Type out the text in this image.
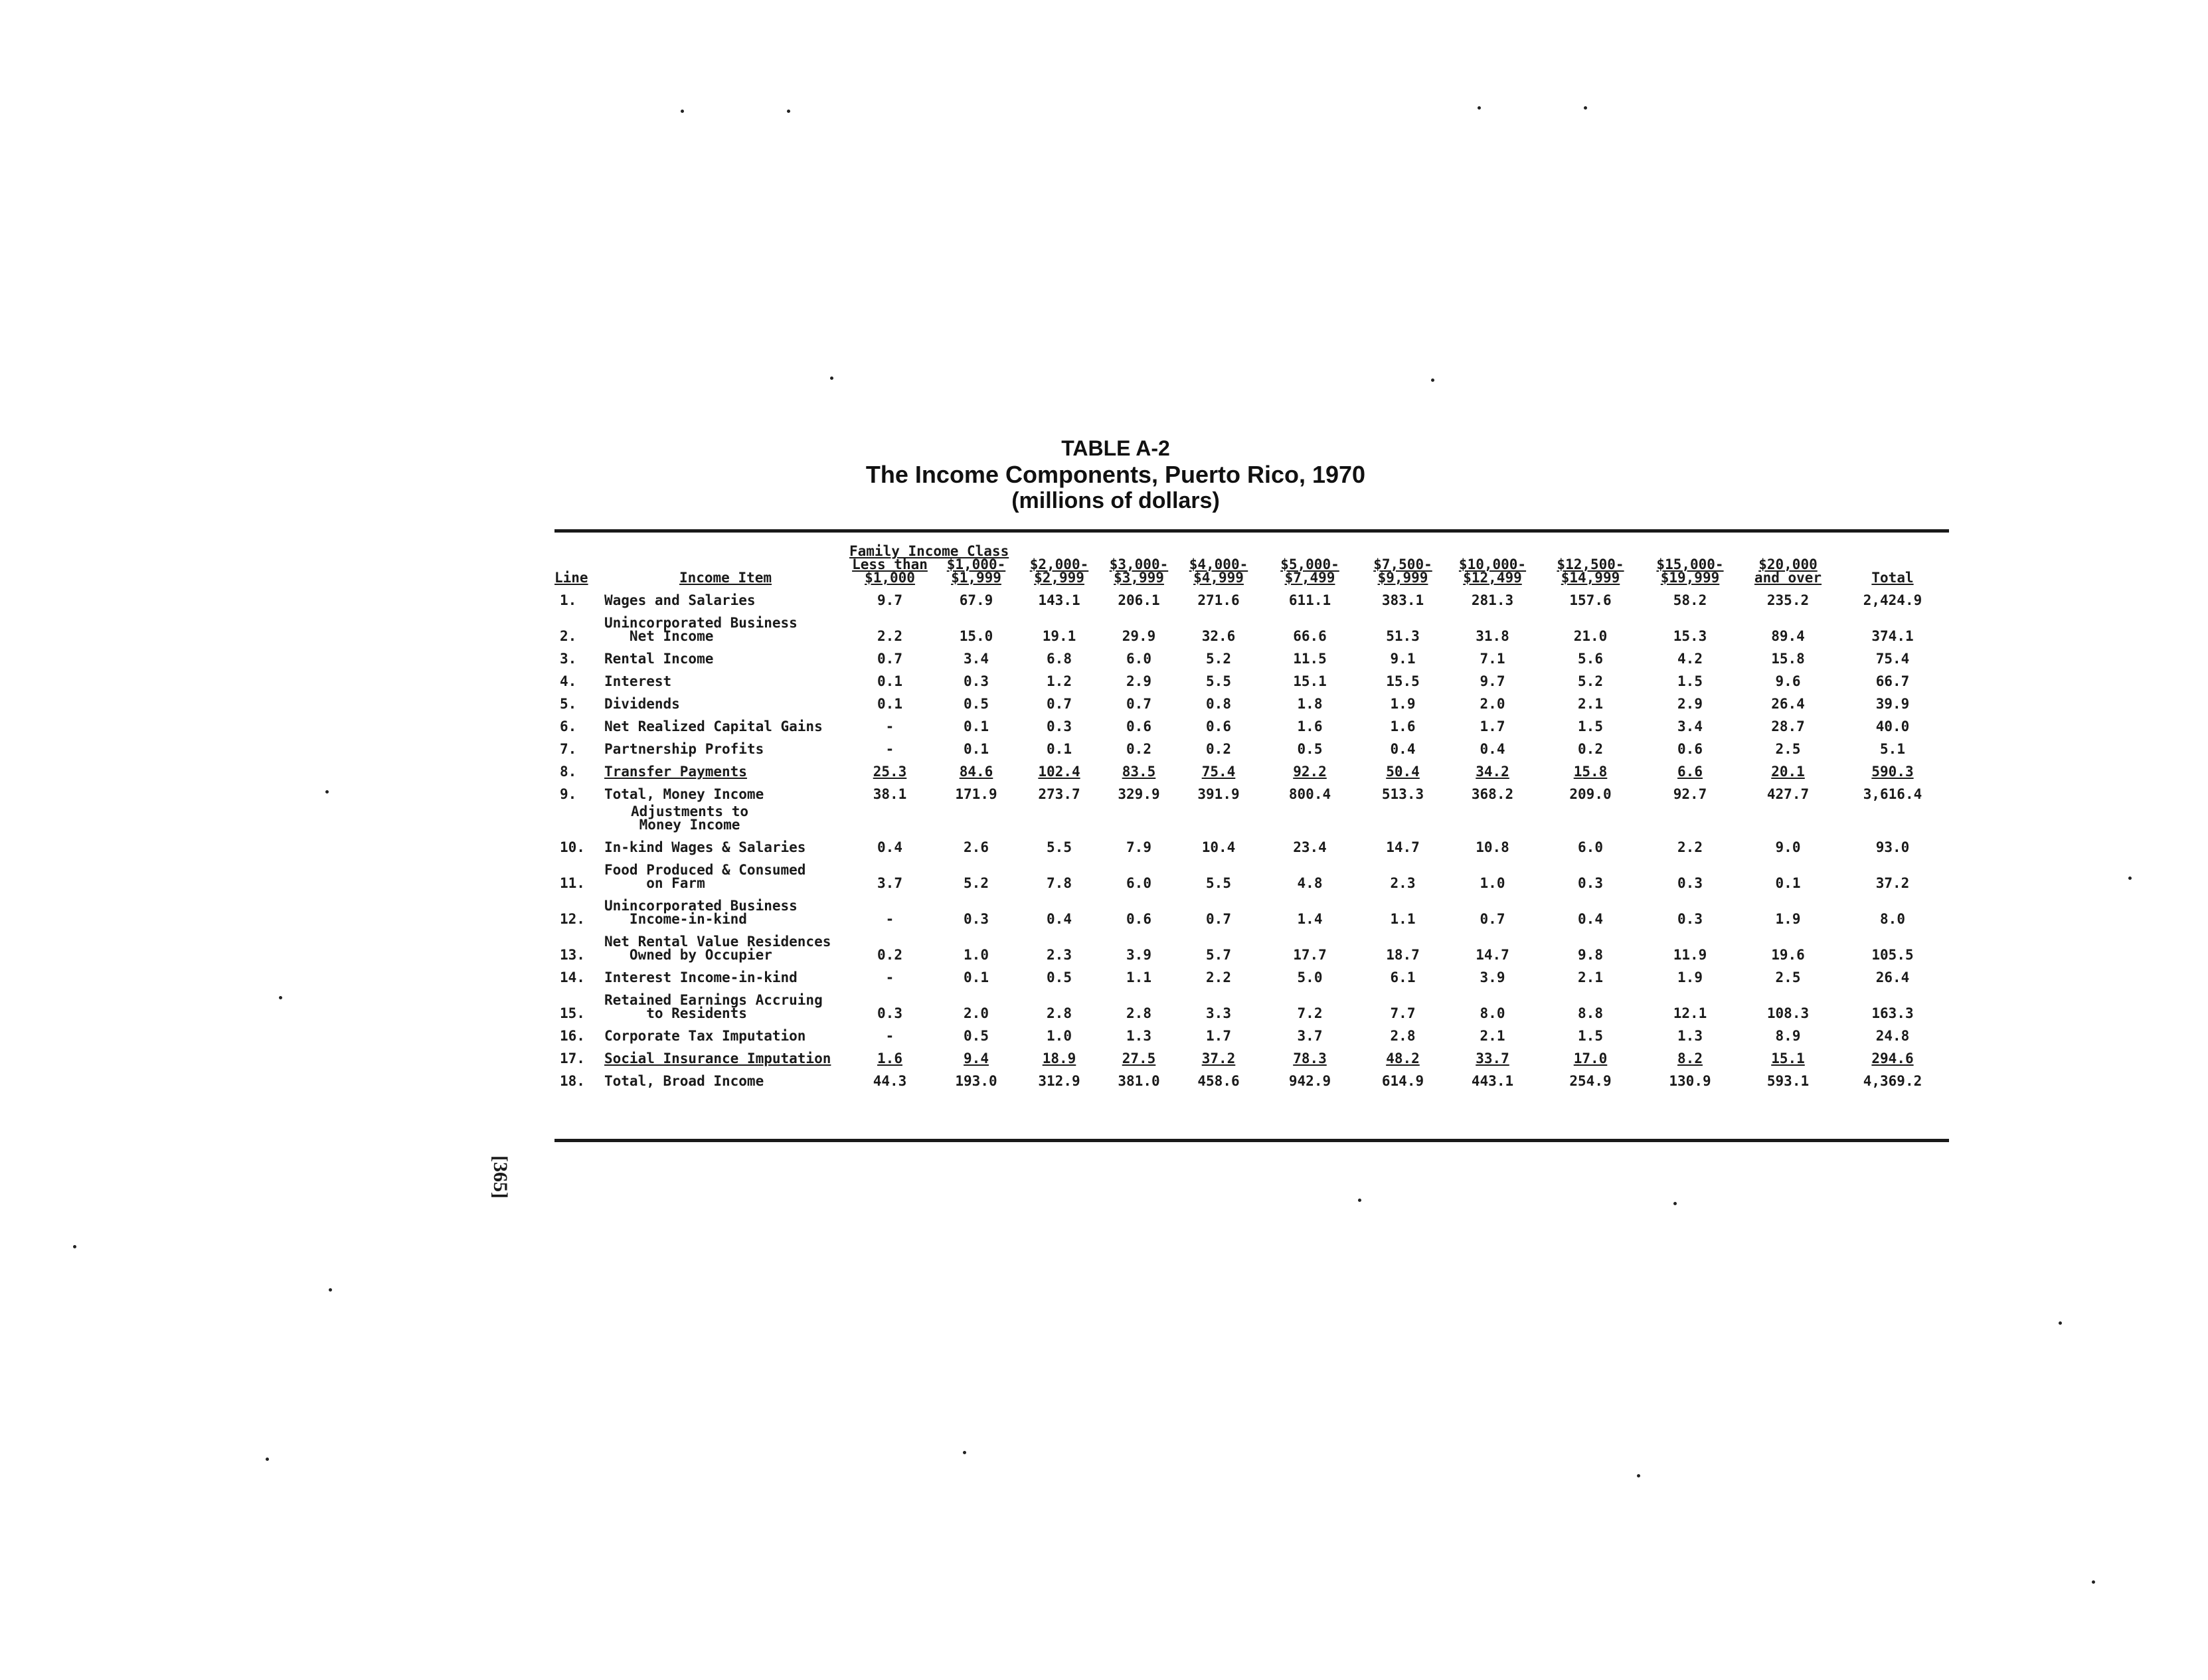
TABLE A-2
The Income Components, Puerto Rico, 1970
(millions of dollars)
		Family Income Class											
		Less than	$1,000-	$2,000-	$3,000-	$4,000-	$5,000-	$7,500-	$10,000-	$12,500-	$15,000-	$20,000	
Line	Income Item	$1,000	$1,999	$2,999	$3,999	$4,999	$7,499	$9,999	$12,499	$14,999	$19,999	and over	Total
1.	Wages and Salaries	9.7	67.9	143.1	206.1	271.6	611.1	383.1	281.3	157.6	58.2	235.2	2,424.9
2.	Unincorporated Business
Net Income	2.2	15.0	19.1	29.9	32.6	66.6	51.3	31.8	21.0	15.3	89.4	374.1
3.	Rental Income	0.7	3.4	6.8	6.0	5.2	11.5	9.1	7.1	5.6	4.2	15.8	75.4
4.	Interest	0.1	0.3	1.2	2.9	5.5	15.1	15.5	9.7	5.2	1.5	9.6	66.7
5.	Dividends	0.1	0.5	0.7	0.7	0.8	1.8	1.9	2.0	2.1	2.9	26.4	39.9
6.	Net Realized Capital Gains	-	0.1	0.3	0.6	0.6	1.6	1.6	1.7	1.5	3.4	28.7	40.0
7.	Partnership Profits	-	0.1	0.1	0.2	0.2	0.5	0.4	0.4	0.2	0.6	2.5	5.1
8.	Transfer Payments	25.3	84.6	102.4	83.5	75.4	92.2	50.4	34.2	15.8	6.6	20.1	590.3
9.	Total, Money Income	38.1	171.9	273.7	329.9	391.9	800.4	513.3	368.2	209.0	92.7	427.7	3,616.4
	Adjustments to
Money Income												
10.	In-kind Wages & Salaries	0.4	2.6	5.5	7.9	10.4	23.4	14.7	10.8	6.0	2.2	9.0	93.0
11.	Food Produced & Consumed
on Farm	3.7	5.2	7.8	6.0	5.5	4.8	2.3	1.0	0.3	0.3	0.1	37.2
12.	Unincorporated Business
Income-in-kind	-	0.3	0.4	0.6	0.7	1.4	1.1	0.7	0.4	0.3	1.9	8.0
13.	Net Rental Value Residences
Owned by Occupier	0.2	1.0	2.3	3.9	5.7	17.7	18.7	14.7	9.8	11.9	19.6	105.5
14.	Interest Income-in-kind	-	0.1	0.5	1.1	2.2	5.0	6.1	3.9	2.1	1.9	2.5	26.4
15.	Retained Earnings Accruing
to Residents	0.3	2.0	2.8	2.8	3.3	7.2	7.7	8.0	8.8	12.1	108.3	163.3
16.	Corporate Tax Imputation	-	0.5	1.0	1.3	1.7	3.7	2.8	2.1	1.5	1.3	8.9	24.8
17.	Social Insurance Imputation	1.6	9.4	18.9	27.5	37.2	78.3	48.2	33.7	17.0	8.2	15.1	294.6
18.	Total, Broad Income	44.3	193.0	312.9	381.0	458.6	942.9	614.9	443.1	254.9	130.9	593.1	4,369.2
[365]
